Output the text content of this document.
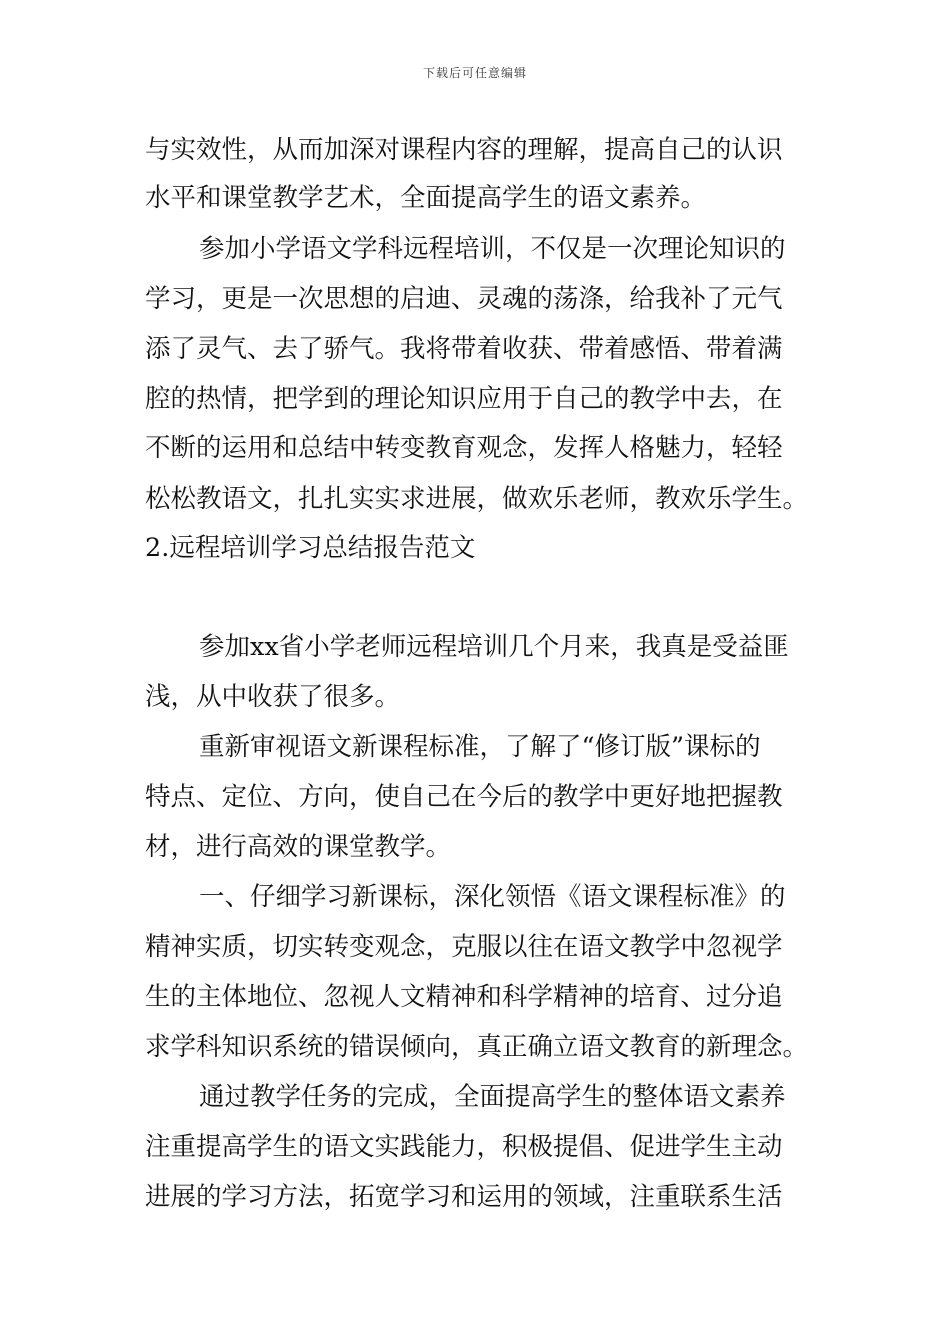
下载后可任意编辑
与实效性，从而加深对课程内容的理解，提高自己的认识
水平和课堂教学艺术，全面提高学生的语文素养。
参加小学语文学科远程培训，不仅是一次理论知识的
学习，更是一次思想的启迪、灵魂的荡涤，给我补了元气
添了灵气、去了骄气。我将带着收获、带着感悟、带着满
腔的热情，把学到的理论知识应用于自己的教学中去，在
不断的运用和总结中转变教育观念，发挥人格魅力，轻轻
松松教语文，扎扎实实求进展，做欢乐老师，教欢乐学生。
2.远程培训学习总结报告范文
参加xx省小学老师远程培训几个月来，我真是受益匪
浅，从中收获了很多。
重新审视语文新课程标准，了解了“修订版”课标的
特点、定位、方向，使自己在今后的教学中更好地把握教
材，进行高效的课堂教学。
一、仔细学习新课标，深化领悟《语文课程标准》的
精神实质，切实转变观念，克服以往在语文教学中忽视学
生的主体地位、忽视人文精神和科学精神的培育、过分追
求学科知识系统的错误倾向，真正确立语文教育的新理念。
通过教学任务的完成，全面提高学生的整体语文素养
注重提高学生的语文实践能力，积极提倡、促进学生主动
进展的学习方法，拓宽学习和运用的领域，注重联系生活
